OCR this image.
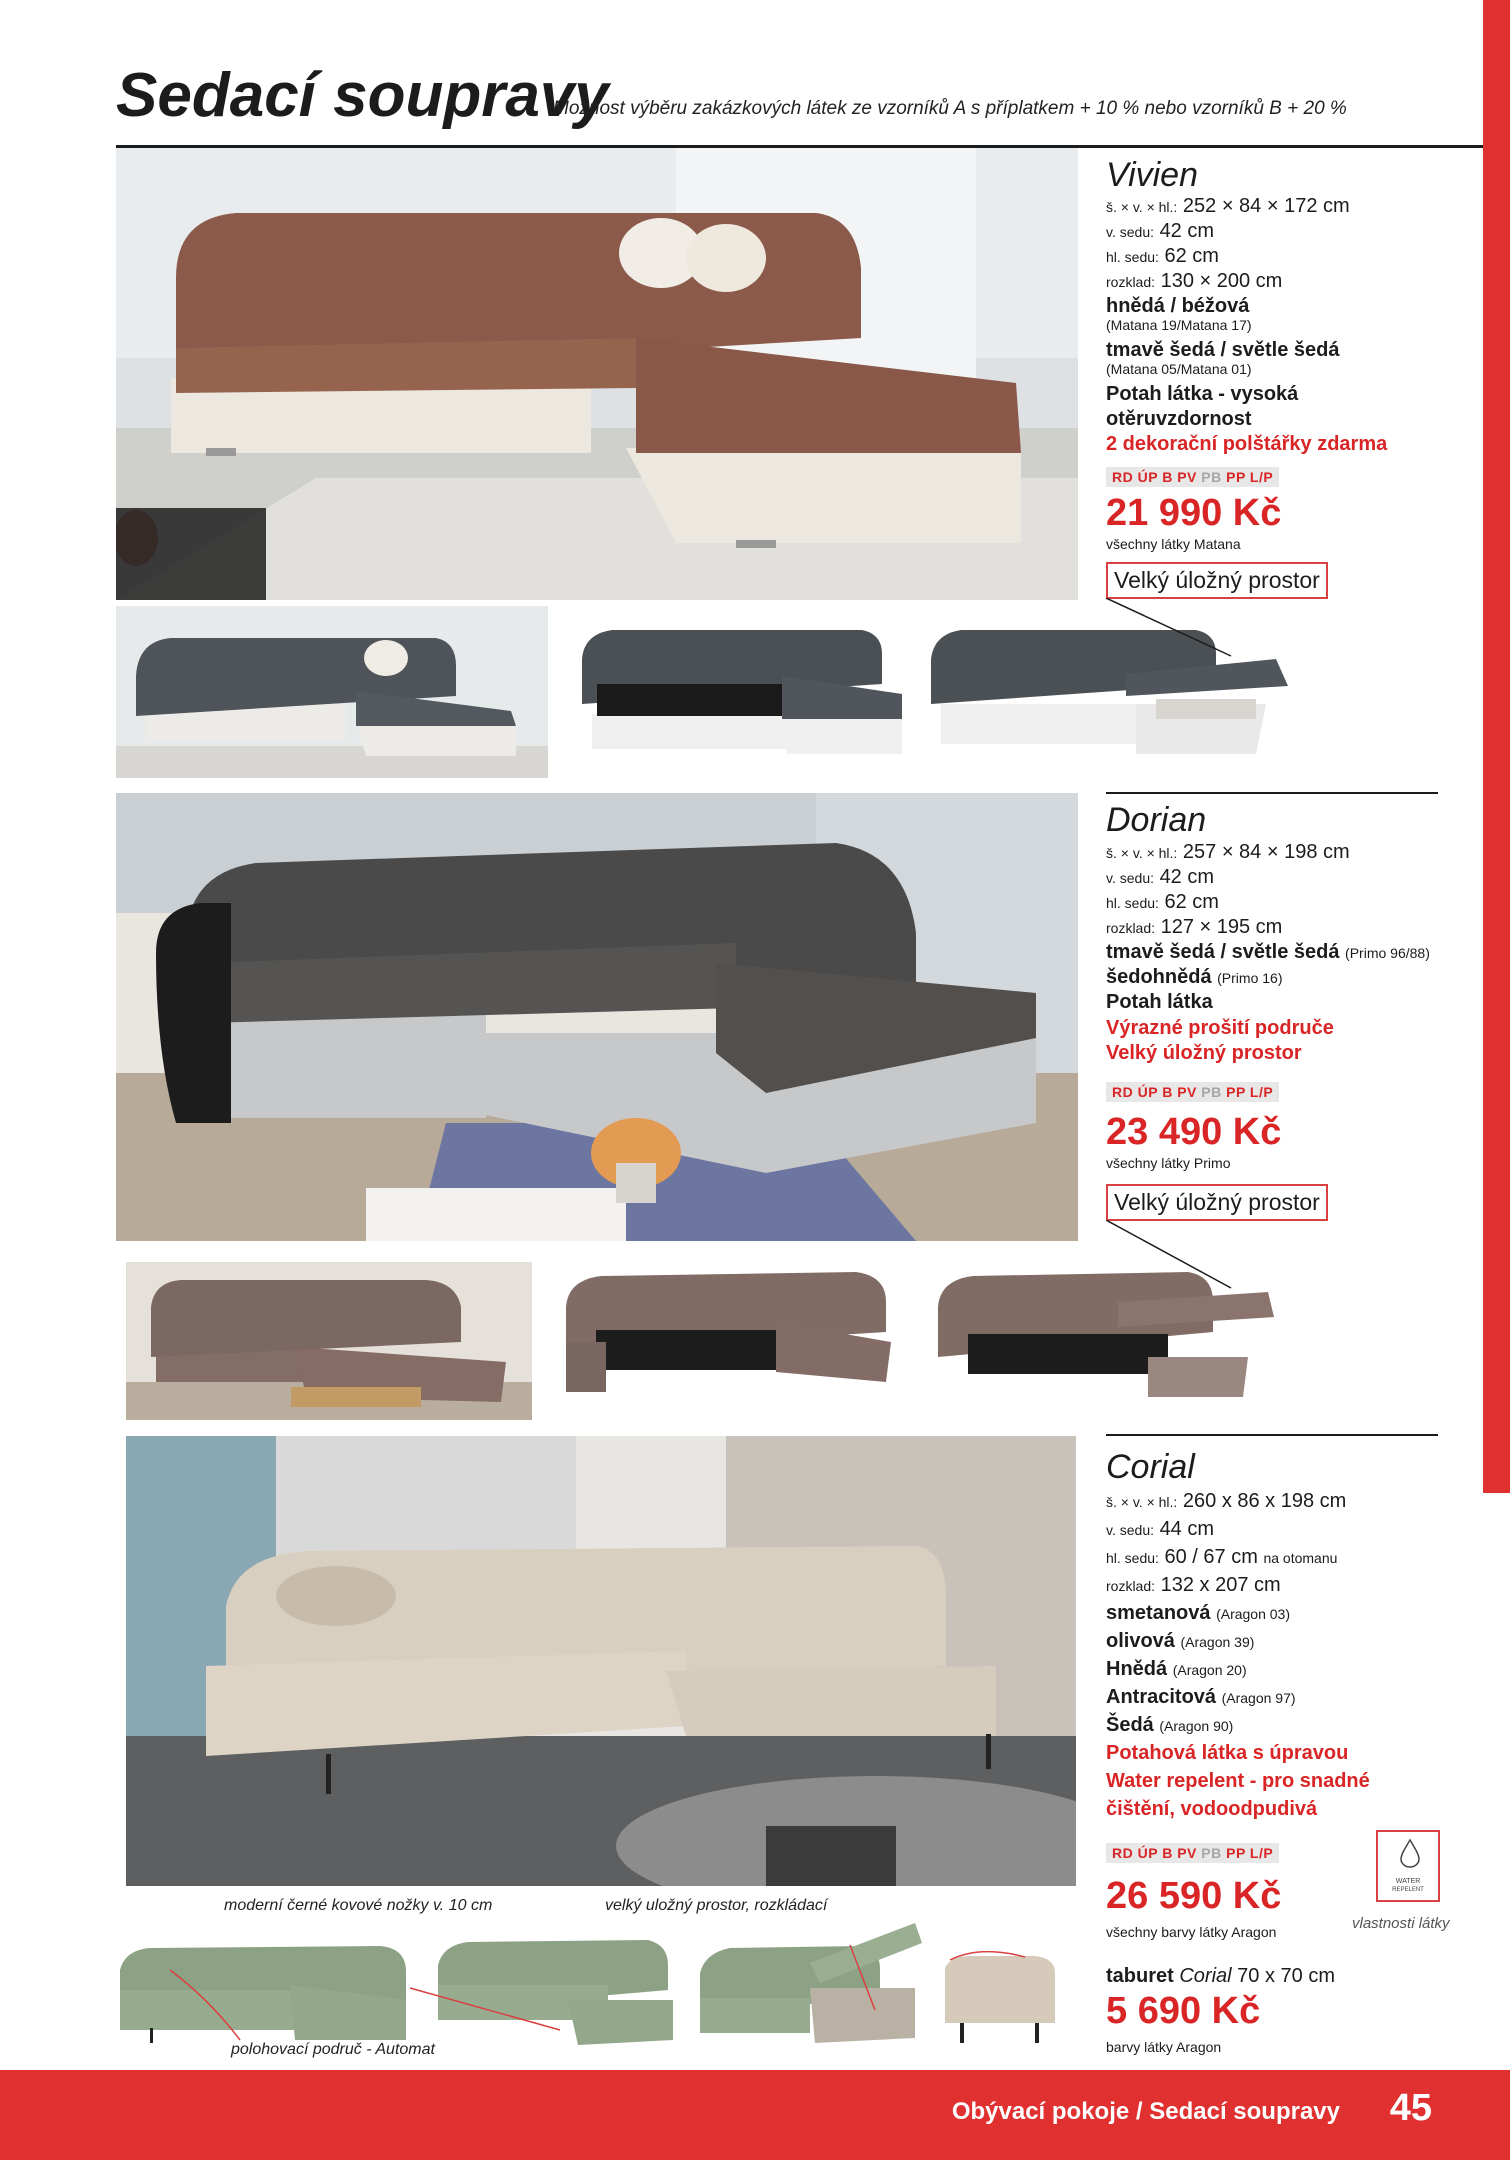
Sedací soupravy
Možnost výběru zakázkových látek ze vzorníků A s příplatkem + 10 % nebo vzorníků B + 20 %
Vivien
š. × v. × hl.: 252 × 84 × 172 cm
v. sedu: 42 cm
hl. sedu: 62 cm
rozklad: 130 × 200 cm
hnědá / béžová
(Matana 19/Matana 17)
tmavě šedá / světle šedá
(Matana 05/Matana 01)
Potah látka - vysoká
otěruvzdornost
2 dekorační polštářky zdarma
RD ÚP B PV PB PP L/P
21 990 Kč
všechny látky Matana
Velký úložný prostor
Dorian
š. × v. × hl.: 257 × 84 × 198 cm
v. sedu: 42 cm
hl. sedu: 62 cm
rozklad: 127 × 195 cm
tmavě šedá / světle šedá (Primo 96/88)
šedohnědá (Primo 16)
Potah látka
Výrazné prošití područe
Velký úložný prostor
RD ÚP B PV PB PP L/P
23 490 Kč
všechny látky Primo
Velký úložný prostor
moderní černé kovové nožky v. 10 cm	velký uložný prostor, rozkládací
polohovací područ - Automat
Corial
š. × v. × hl.: 260 x 86 x 198 cm
v. sedu: 44 cm
hl. sedu: 60 / 67 cm na otomanu
rozklad: 132 x 207 cm
smetanová (Aragon 03)
olivová (Aragon 39)
Hnědá (Aragon 20)
Antracitová (Aragon 97)
Šedá (Aragon 90)
Potahová látka s úpravou
Water repelent - pro snadné
čištění, vodoodpudivá
RD ÚP B PV PB PP L/P
26 590 Kč
všechny barvy látky Aragon
WATER
REPELENT
vlastnosti látky
taburet Corial 70 x 70 cm
5 690 Kč
barvy látky Aragon
Obývací pokoje / Sedací soupravy 45
